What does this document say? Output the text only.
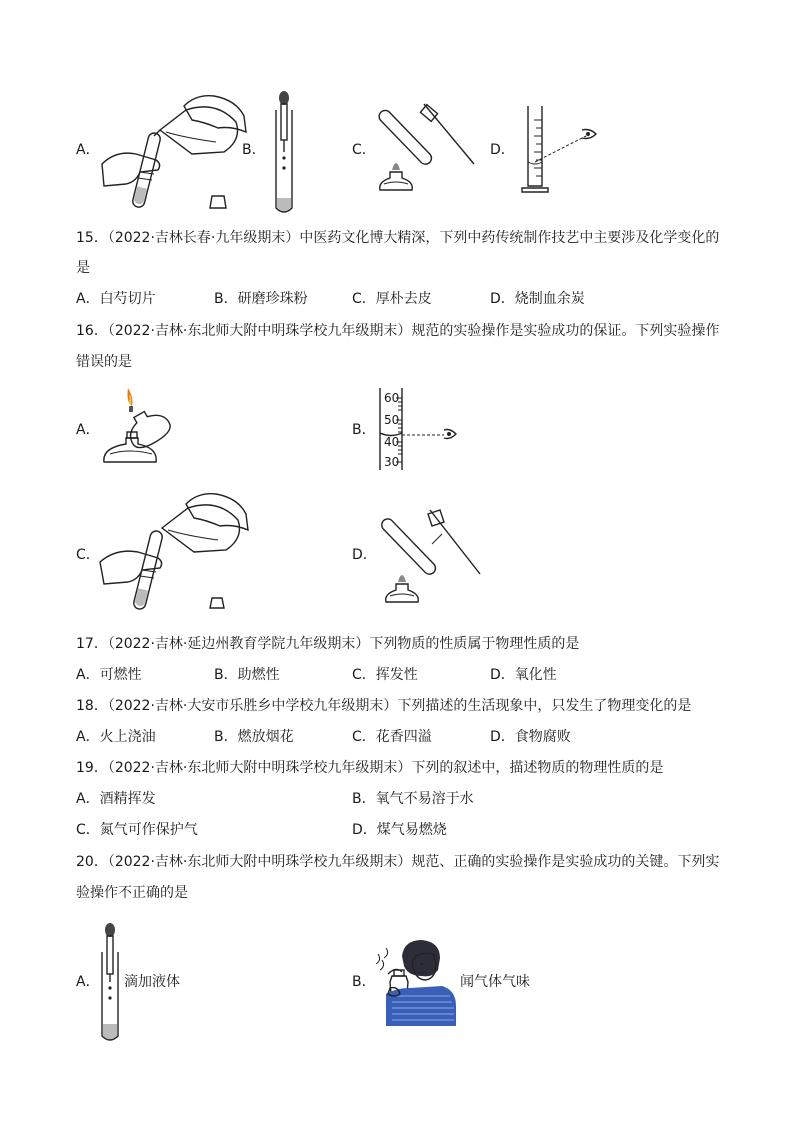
A．	B．	C．	D．
15．（2022·吉林长春·九年级期末）中医药文化博大精深，下列中药传统制作技艺中主要涉及化学变化的
是
A．白芍切片	B．研磨珍珠粉	C．厚朴去皮	D．烧制血余炭
16．（2022·吉林·东北师大附中明珠学校九年级期末）规范的实验操作是实验成功的保证。下列实验操作
错误的是
A．	B．
60
50
40
30
C．	D．
17．（2022·吉林·延边州教育学院九年级期末）下列物质的性质属于物理性质的是
A．可燃性	B．助燃性	C．挥发性	D．氧化性
18．（2022·吉林·大安市乐胜乡中学校九年级期末）下列描述的生活现象中，只发生了物理变化的是
A．火上浇油	B．燃放烟花	C．花香四溢	D．食物腐败
19．（2022·吉林·东北师大附中明珠学校九年级期末）下列的叙述中，描述物质的物理性质的是
A．酒精挥发	B．氧气不易溶于水
C．氮气可作保护气	D．煤气易燃烧
20．（2022·吉林·东北师大附中明珠学校九年级期末）规范、正确的实验操作是实验成功的关键。下列实
验操作不正确的是
A． 滴加液体	B．	闻气体气味
